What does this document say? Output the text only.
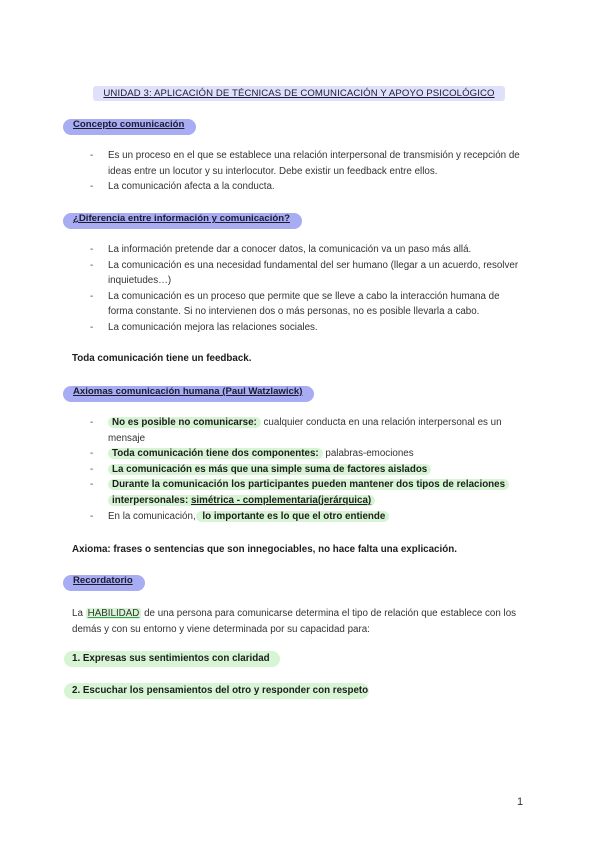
UNIDAD 3: APLICACIÓN DE TÉCNICAS DE COMUNICACIÓN Y APOYO PSICOLÓGICO
Concepto comunicación
- Es un proceso en el que se establece una relación interpersonal de transmisión y recepción de ideas entre un locutor y su interlocutor. Debe existir un feedback entre ellos.
- La comunicación afecta a la conducta.
¿Diferencia entre información y comunicación?
- La información pretende dar a conocer datos, la comunicación va un paso más allá.
- La comunicación es una necesidad fundamental del ser humano (llegar a un acuerdo, resolver inquietudes…)
- La comunicación es un proceso que permite que se lleve a cabo la interacción humana de forma constante. Si no intervienen dos o más personas, no es posible llevarla a cabo.
- La comunicación mejora las relaciones sociales.
Toda comunicación tiene un feedback.
Axiomas comunicación humana (Paul Watzlawick)
- No es posible no comunicarse: cualquier conducta en una relación interpersonal es un mensaje
- Toda comunicación tiene dos componentes: palabras-emociones
- La comunicación es más que una simple suma de factores aislados
- Durante la comunicación los participantes pueden mantener dos tipos de relaciones interpersonales: simétrica - complementaria(jerárquica)
- En la comunicación, lo importante es lo que el otro entiende
Axioma: frases o sentencias que son innegociables, no hace falta una explicación.
Recordatorio
La HABILIDAD de una persona para comunicarse determina el tipo de relación que establece con los demás y con su entorno y viene determinada por su capacidad para:
1. Expresas sus sentimientos con claridad
2. Escuchar los pensamientos del otro y responder con respeto
1
